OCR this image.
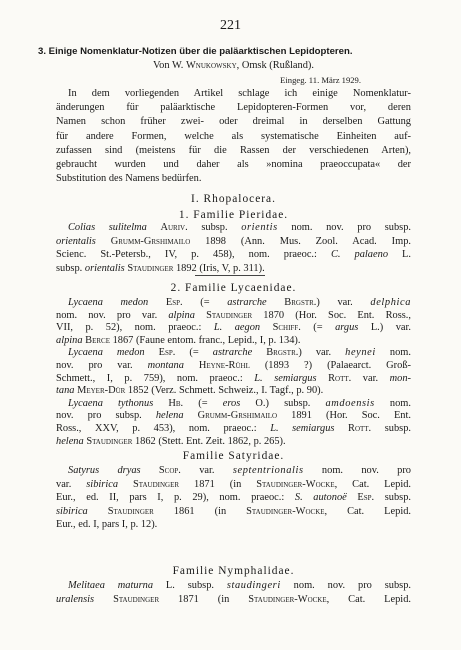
221
3. Einige Nomenklatur-Notizen über die paläarktischen Lepidopteren.
Von W. Wnukowsky, Omsk (Rußland).
Eingeg. 11. März 1929.
In dem vorliegenden Artikel schlage ich einige Nomenklatur-
änderungen für paläarktische Lepidopteren-Formen vor, deren
Namen schon früher zwei- oder dreimal in derselben Gattung
für andere Formen, welche als systematische Einheiten auf-
zufassen sind (meistens für die Rassen der verschiedenen Arten),
gebraucht wurden und daher als »nomina praeoccupata« der
Substitution des Namens bedürfen.
I. Rhopalocera.
1. Familie Pieridae.
Colias sulitelma Auriv. subsp. orientis nom. nov. pro subsp.
orientalis Grumm-Grshimailo 1898 (Ann. Mus. Zool. Acad. Imp.
Scienc. St.-Petersb., IV, p. 458), nom. praeoc.: C. palaeno L.
subsp. orientalis Staudinger 1892 (Iris, V, p. 311).
2. Familie Lycaenidae.
Lycaena medon Esp. (= astrarche Brgstr.) var. delphica
nom. nov. pro var. alpina Staudinger 1870 (Hor. Soc. Ent. Ross.,
VII, p. 52), nom. praeoc.: L. aegon Schiff. (= argus L.) var.
alpina Berce 1867 (Faune entom. franc., Lepid., I, p. 134).
Lycaena medon Esp. (= astrarche Brgstr.) var. heynei nom.
nov. pro var. montana Heyne-Rühl (1893 ?) (Palaearct. Groß-
Schmett., I, p. 759), nom. praeoc.: L. semiargus Rott. var. mon-
tana Meyer-Dür 1852 (Verz. Schmett. Schweiz., I. Tagf., p. 90).
Lycaena tythonus Hb. (= eros O.) subsp. amdoensis nom.
nov. pro subsp. helena Grumm-Grshimailo 1891 (Hor. Soc. Ent.
Ross., XXV, p. 453), nom. praeoc.: L. semiargus Rott. subsp.
helena Staudinger 1862 (Stett. Ent. Zeit. 1862, p. 265).
Familie Satyridae.
Satyrus dryas Scop. var. septentrionalis nom. nov. pro
var. sibirica Staudinger 1871 (in Staudinger-Wocke, Cat. Lepid.
Eur., ed. II, pars I, p. 29), nom. praeoc.: S. autonoë Esp. subsp.
sibirica Staudinger 1861 (in Staudinger-Wocke, Cat. Lepid.
Eur., ed. I, pars I, p. 12).
Familie Nymphalidae.
Melitaea maturna L. subsp. staudingeri nom. nov. pro subsp.
uralensis Staudinger 1871 (in Staudinger-Wocke, Cat. Lepid.
